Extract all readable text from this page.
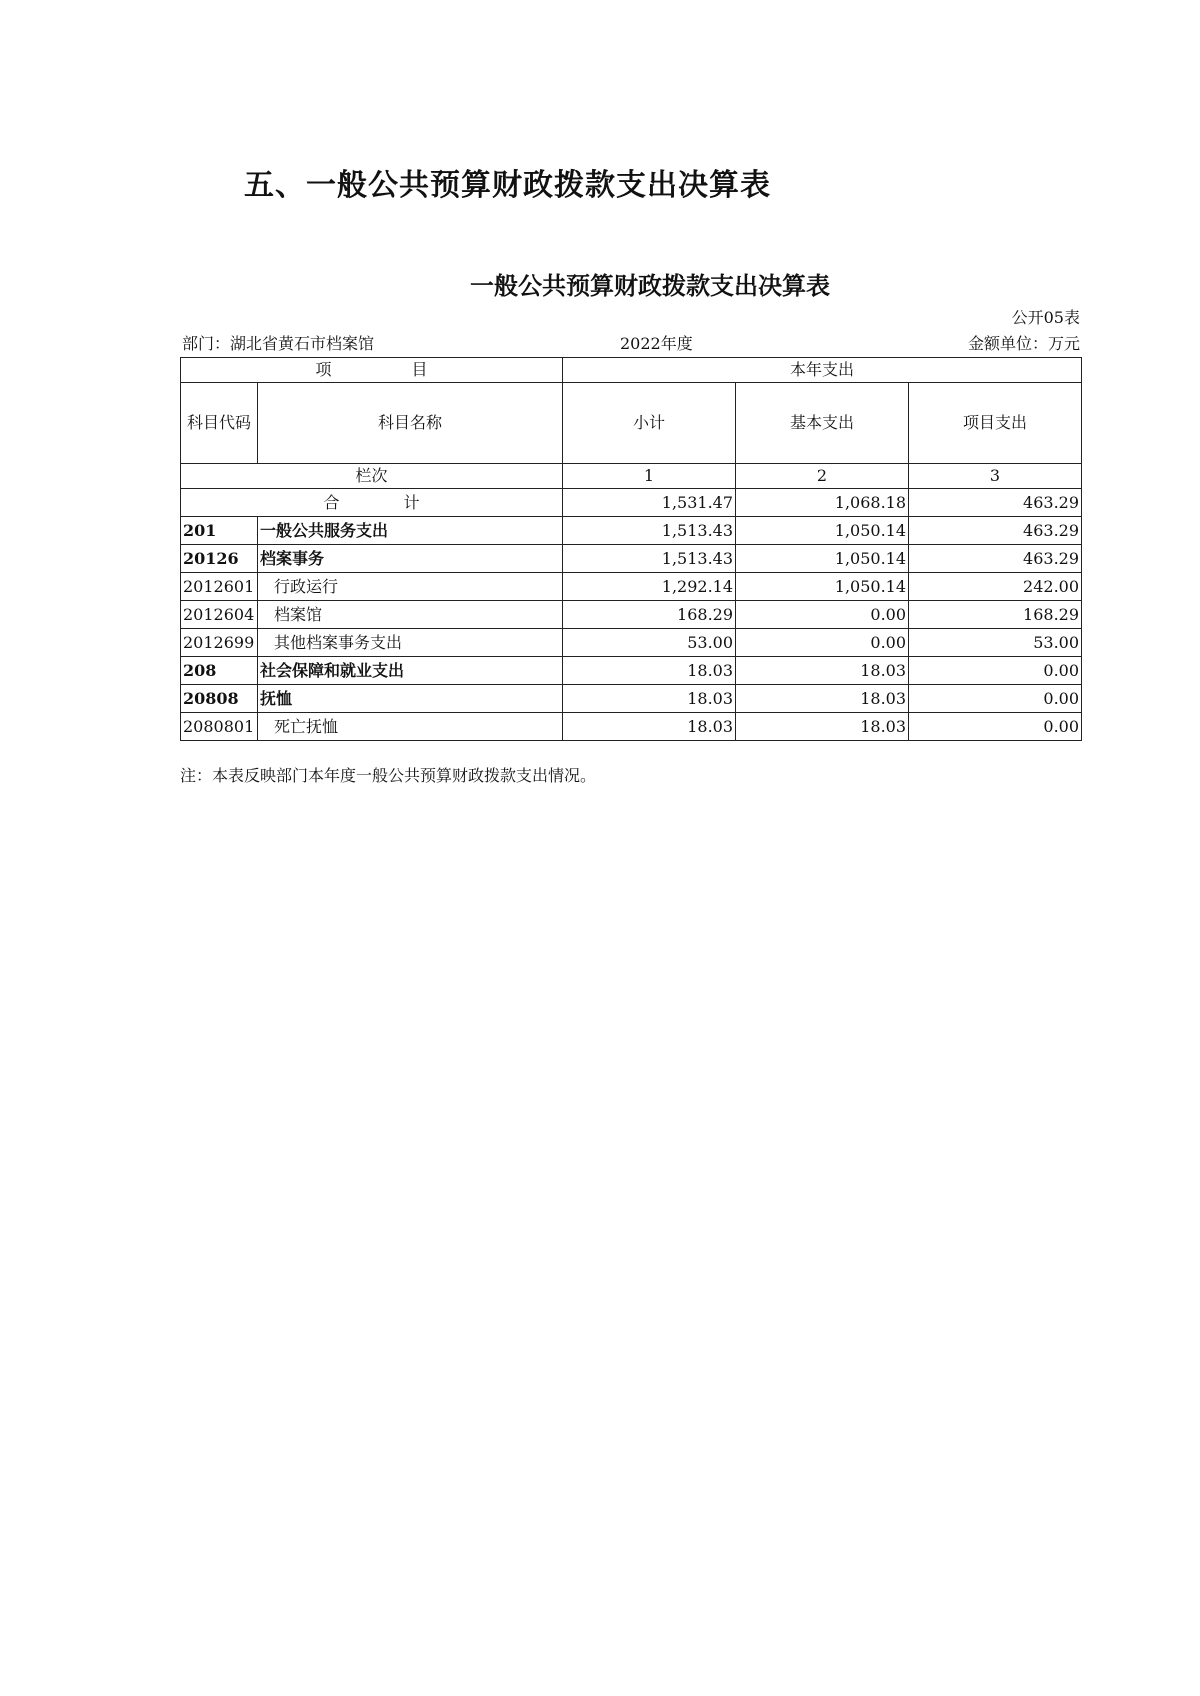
五、一般公共预算财政拨款支出决算表
一般公共预算财政拨款支出决算表
公开05表
部门：湖北省黄石市档案馆	2022年度	金额单位：万元
项　　　　　目		本年支出		
科目代码	科目名称	小计	基本支出	项目支出
栏次		1	2	3
合　　　　计		1,531.47	1,068.18	463.29
201	一般公共服务支出	1,513.43	1,050.14	463.29
20126	档案事务	1,513.43	1,050.14	463.29
2012601	行政运行	1,292.14	1,050.14	242.00
2012604	档案馆	168.29	0.00	168.29
2012699	其他档案事务支出	53.00	0.00	53.00
208	社会保障和就业支出	18.03	18.03	0.00
20808	抚恤	18.03	18.03	0.00
2080801	死亡抚恤	18.03	18.03	0.00
注：本表反映部门本年度一般公共预算财政拨款支出情况。
